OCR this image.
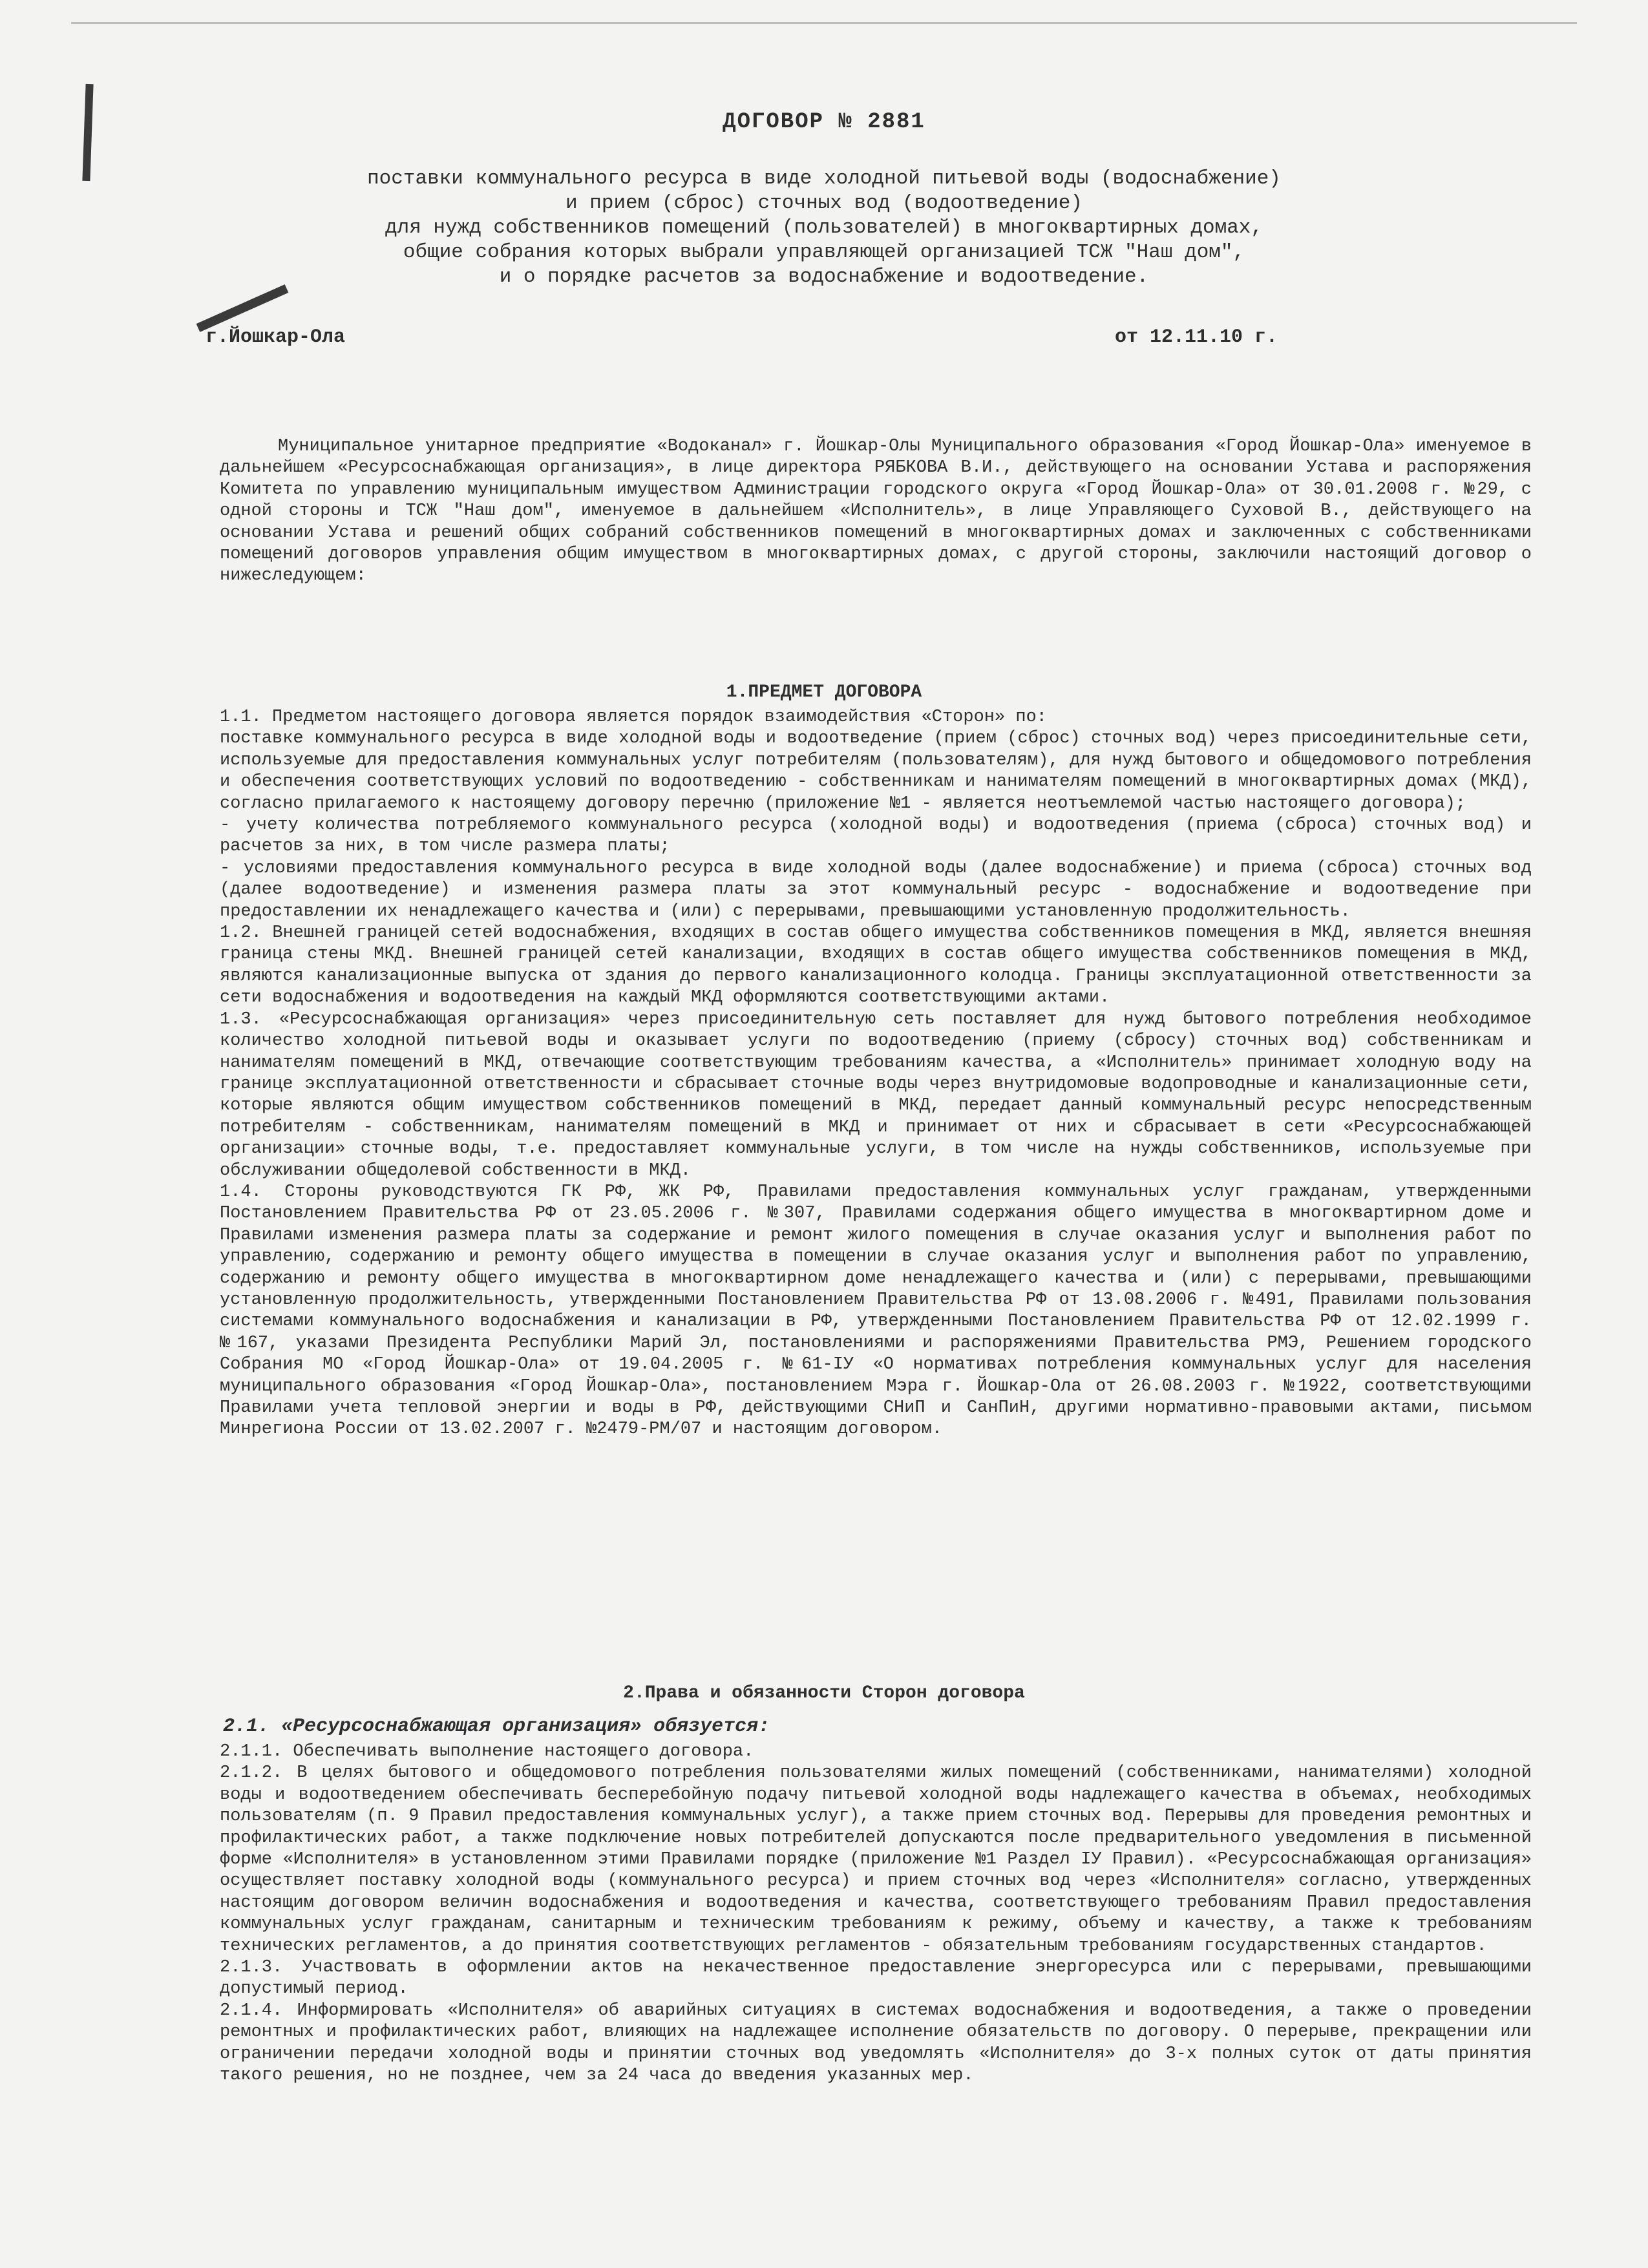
ДОГОВОР № 2881
поставки коммунального ресурса в виде холодной питьевой воды (водоснабжение)
и прием (сброс) сточных вод (водоотведение)
для нужд собственников помещений (пользователей) в многоквартирных домах,
общие собрания которых выбрали управляющей организацией ТСЖ "Наш дом",
и о порядке расчетов за водоснабжение и водоотведение.
г.Йошкар-Ола	от 12.11.10 г.
Муниципальное унитарное предприятие «Водоканал» г. Йошкар-Олы Муниципального образования «Город Йошкар-Ола» именуемое в дальнейшем «Ресурсоснабжающая организация», в лице директора РЯБКОВА В.И., действующего на основании Устава и распоряжения Комитета по управлению муниципальным имуществом Администрации городского округа «Город Йошкар-Ола» от 30.01.2008 г. №29, с одной стороны и ТСЖ "Наш дом", именуемое в дальнейшем «Исполнитель», в лице Управляющего Суховой В., действующего на основании Устава и решений общих собраний собственников помещений в многоквартирных домах и заключенных с собственниками помещений договоров управления общим имуществом в многоквартирных домах, с другой стороны, заключили настоящий договор о нижеследующем:
1.ПРЕДМЕТ ДОГОВОРА

1.1. Предметом настоящего договора является порядок взаимодействия «Сторон» по:

поставке коммунального ресурса в виде холодной воды и водоотведение (прием (сброс) сточных вод) через присоединительные сети, используемые для предоставления коммунальных услуг потребителям (пользователям), для нужд бытового и общедомового потребления и обеспечения соответствующих условий по водоотведению - собственникам и нанимателям помещений в многоквартирных домах (МКД), согласно прилагаемого к настоящему договору перечню (приложение №1 - является неотъемлемой частью настоящего договора);

- учету количества потребляемого коммунального ресурса (холодной воды) и водоотведения (приема (сброса) сточных вод) и расчетов за них, в том числе размера платы;

- условиями предоставления коммунального ресурса в виде холодной воды (далее водоснабжение) и приема (сброса) сточных вод (далее водоотведение) и изменения размера платы за этот коммунальный ресурс - водоснабжение и водоотведение при предоставлении их ненадлежащего качества и (или) с перерывами, превышающими установленную продолжительность.

1.2. Внешней границей сетей водоснабжения, входящих в состав общего имущества собственников помещения в МКД, является внешняя граница стены МКД. Внешней границей сетей канализации, входящих в состав общего имущества собственников помещения в МКД, являются канализационные выпуска от здания до первого канализационного колодца. Границы эксплуатационной ответственности за сети водоснабжения и водоотведения на каждый МКД оформляются соответствующими актами.

1.3. «Ресурсоснабжающая организация» через присоединительную сеть поставляет для нужд бытового потребления необходимое количество холодной питьевой воды и оказывает услуги по водоотведению (приему (сбросу) сточных вод) собственникам и нанимателям помещений в МКД, отвечающие соответствующим требованиям качества, а «Исполнитель» принимает холодную воду на границе эксплуатационной ответственности и сбрасывает сточные воды через внутридомовые водопроводные и канализационные сети, которые являются общим имуществом собственников помещений в МКД, передает данный коммунальный ресурс непосредственным потребителям - собственникам, нанимателям помещений в МКД и принимает от них и сбрасывает в сети «Ресурсоснабжающей организации» сточные воды, т.е. предоставляет коммунальные услуги, в том числе на нужды собственников, используемые при обслуживании общедолевой собственности в МКД.

1.4. Стороны руководствуются ГК РФ, ЖК РФ, Правилами предоставления коммунальных услуг гражданам, утвержденными Постановлением Правительства РФ от 23.05.2006 г. №307, Правилами содержания общего имущества в многоквартирном доме и Правилами изменения размера платы за содержание и ремонт жилого помещения в случае оказания услуг и выполнения работ по управлению, содержанию и ремонту общего имущества в помещении в случае оказания услуг и выполнения работ по управлению, содержанию и ремонту общего имущества в многоквартирном доме ненадлежащего качества и (или) с перерывами, превышающими установленную продолжительность, утвержденными Постановлением Правительства РФ от 13.08.2006 г. №491, Правилами пользования системами коммунального водоснабжения и канализации в РФ, утвержденными Постановлением Правительства РФ от 12.02.1999 г. №167, указами Президента Республики Марий Эл, постановлениями и распоряжениями Правительства РМЭ, Решением городского Собрания МО «Город Йошкар-Ола» от 19.04.2005 г. №61-IУ «О нормативах потребления коммунальных услуг для населения муниципального образования «Город Йошкар-Ола», постановлением Мэра г. Йошкар-Ола от 26.08.2003 г. №1922, соответствующими Правилами учета тепловой энергии и воды в РФ, действующими СНиП и СанПиН, другими нормативно-правовыми актами, письмом Минрегиона России от 13.02.2007 г. №2479-РМ/07 и настоящим договором.

2.Права и обязанности Сторон договора
2.1. «Ресурсоснабжающая организация» обязуется:

2.1.1. Обеспечивать выполнение настоящего договора.

2.1.2. В целях бытового и общедомового потребления пользователями жилых помещений (собственниками, нанимателями) холодной воды и водоотведением обеспечивать бесперебойную подачу питьевой холодной воды надлежащего качества в объемах, необходимых пользователям (п. 9 Правил предоставления коммунальных услуг), а также прием сточных вод. Перерывы для проведения ремонтных и профилактических работ, а также подключение новых потребителей допускаются после предварительного уведомления в письменной форме «Исполнителя» в установленном этими Правилами порядке (приложение №1 Раздел IУ Правил). «Ресурсоснабжающая организация» осуществляет поставку холодной воды (коммунального ресурса) и прием сточных вод через «Исполнителя» согласно, утвержденных настоящим договором величин водоснабжения и водоотведения и качества, соответствующего требованиям Правил предоставления коммунальных услуг гражданам, санитарным и техническим требованиям к режиму, объему и качеству, а также к требованиям технических регламентов, а до принятия соответствующих регламентов - обязательным требованиям государственных стандартов.

2.1.3. Участвовать в оформлении актов на некачественное предоставление энергоресурса или с перерывами, превышающими допустимый период.

2.1.4. Информировать «Исполнителя» об аварийных ситуациях в системах водоснабжения и водоотведения, а также о проведении ремонтных и профилактических работ, влияющих на надлежащее исполнение обязательств по договору. О перерыве, прекращении или ограничении передачи холодной воды и принятии сточных вод уведомлять «Исполнителя» до 3-х полных суток от даты принятия такого решения, но не позднее, чем за 24 часа до введения указанных мер.
